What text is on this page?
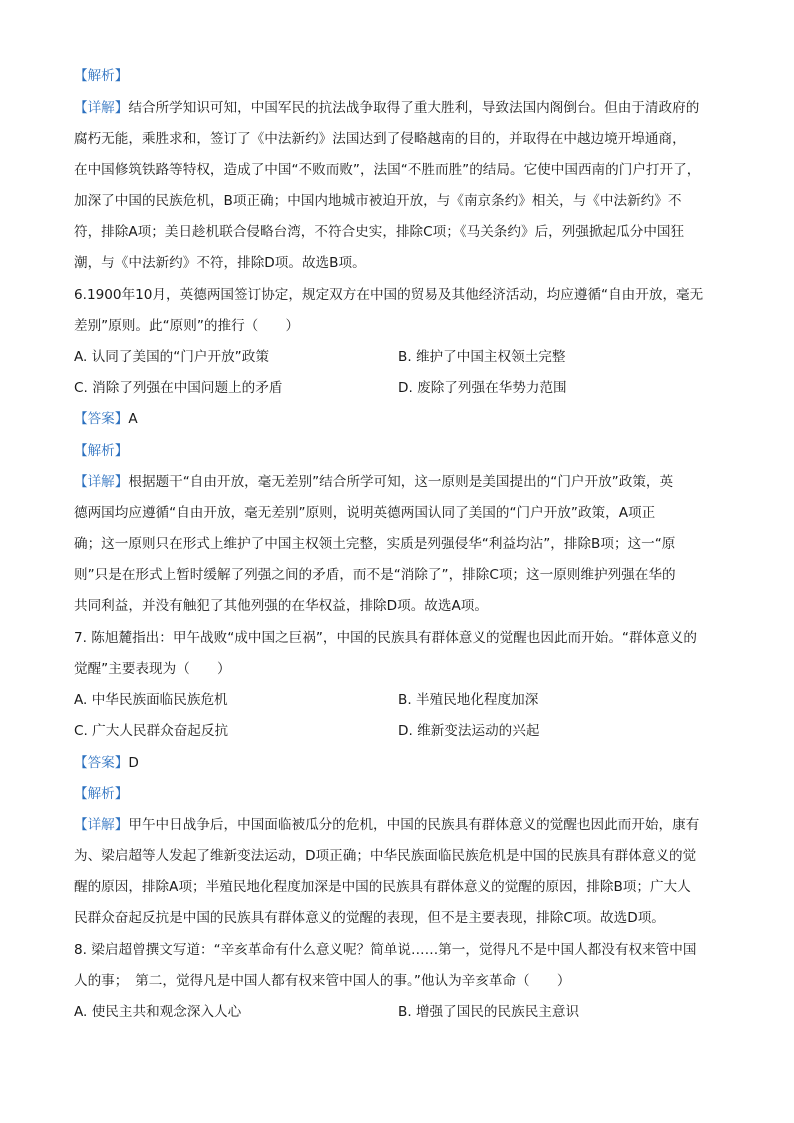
【解析】
【详解】结合所学知识可知，中国军民的抗法战争取得了重大胜利，导致法国内阁倒台。但由于清政府的
腐朽无能，乘胜求和，签订了《中法新约》法国达到了侵略越南的目的，并取得在中越边境开埠通商，
在中国修筑铁路等特权，造成了中国“不败而败”，法国“不胜而胜”的结局。它使中国西南的门户打开了，
加深了中国的民族危机，B项正确；中国内地城市被迫开放，与《南京条约》相关，与《中法新约》不
符，排除A项；美日趁机联合侵略台湾，不符合史实，排除C项；《马关条约》后，列强掀起瓜分中国狂
潮，与《中法新约》不符，排除D项。故选B项。
6.1900年10月，英德两国签订协定，规定双方在中国的贸易及其他经济活动，均应遵循“自由开放，毫无
差别”原则。此“原则”的推行（　　）
A. 认同了美国的“门户开放”政策	B. 维护了中国主权领土完整
C. 消除了列强在中国问题上的矛盾	D. 废除了列强在华势力范围
【答案】A
【解析】
【详解】根据题干“自由开放，毫无差别”结合所学可知，这一原则是美国提出的“门户开放”政策，英
德两国均应遵循“自由开放，毫无差别”原则，说明英德两国认同了美国的“门户开放”政策，A项正
确；这一原则只在形式上维护了中国主权领土完整，实质是列强侵华“利益均沾”，排除B项；这一“原
则”只是在形式上暂时缓解了列强之间的矛盾，而不是“消除了”，排除C项；这一原则维护列强在华的
共同利益，并没有触犯了其他列强的在华权益，排除D项。故选A项。
7. 陈旭麓指出：甲午战败“成中国之巨祸”，中国的民族具有群体意义的觉醒也因此而开始。“群体意义的
觉醒”主要表现为（　　）
A. 中华民族面临民族危机	B. 半殖民地化程度加深
C. 广大人民群众奋起反抗	D. 维新变法运动的兴起
【答案】D
【解析】
【详解】甲午中日战争后，中国面临被瓜分的危机，中国的民族具有群体意义的觉醒也因此而开始，康有
为、梁启超等人发起了维新变法运动，D项正确；中华民族面临民族危机是中国的民族具有群体意义的觉
醒的原因，排除A项；半殖民地化程度加深是中国的民族具有群体意义的觉醒的原因，排除B项；广大人
民群众奋起反抗是中国的民族具有群体意义的觉醒的表现，但不是主要表现，排除C项。故选D项。
8. 梁启超曾撰文写道：“辛亥革命有什么意义呢？简单说……第一，觉得凡不是中国人都没有权来管中国
人的事；　第二，觉得凡是中国人都有权来管中国人的事。”他认为辛亥革命（　　）
A. 使民主共和观念深入人心	B. 增强了国民的民族民主意识
